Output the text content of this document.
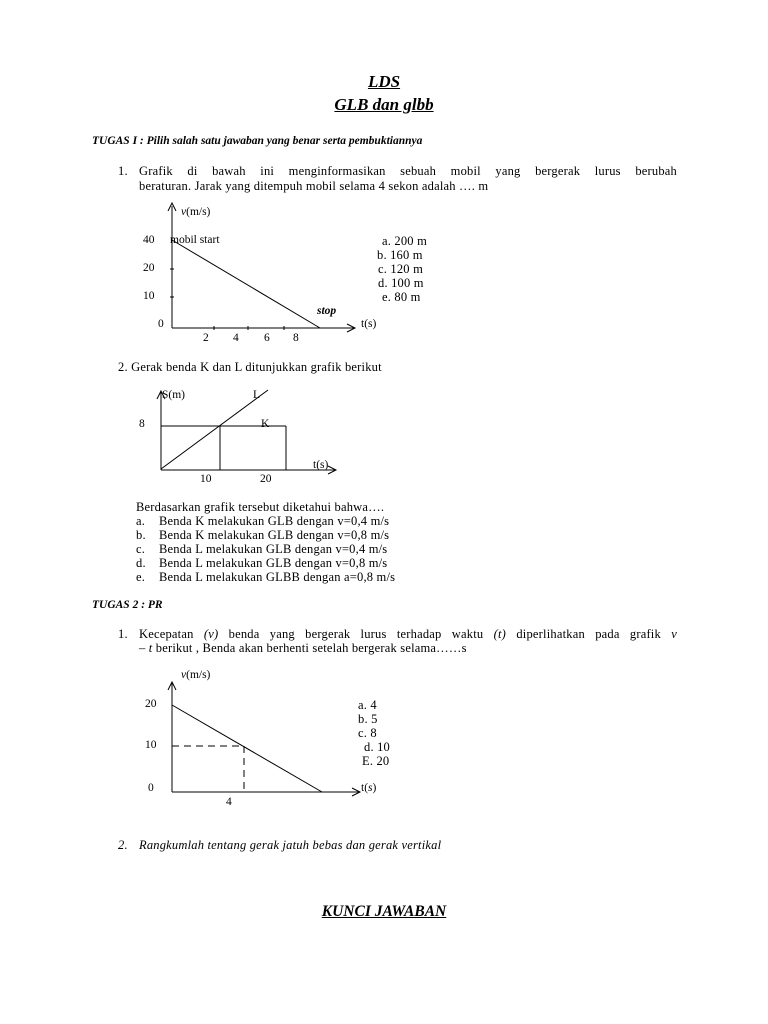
LDS
GLB dan glbb
TUGAS I : Pilih salah satu jawaban yang benar serta pembuktiannya
1. Grafik di bawah ini menginformasikan sebuah mobil yang bergerak lurus berubah
beraturan. Jarak yang ditempuh mobil selama 4 sekon adalah …. m
v(m/s)
40 mobil start
20
10
0
2 4 6 8
stop
t(s)
a. 200 m
b. 160 m
c. 120 m
d. 100 m
e. 80 m
2. Gerak benda K dan L ditunjukkan grafik berikut
S(m)	L
8	K
t(s)
10	20
Berdasarkan grafik tersebut diketahui bahwa….
a. Benda K melakukan GLB dengan v=0,4 m/s
b. Benda K melakukan GLB dengan v=0,8 m/s
c. Benda L melakukan GLB dengan v=0,4 m/s
d. Benda L melakukan GLB dengan v=0,8 m/s
e. Benda L melakukan GLBB dengan a=0,8 m/s
TUGAS 2 : PR
1. Kecepatan (v) benda yang bergerak lurus terhadap waktu (t) diperlihatkan pada grafik v
– t berikut , Benda akan berhenti setelah bergerak selama……s
v(m/s)
20
10
0
4
t(s)
a. 4
b. 5
c. 8
d. 10
E. 20
2. Rangkumlah tentang gerak jatuh bebas dan gerak vertikal
KUNCI JAWABAN
